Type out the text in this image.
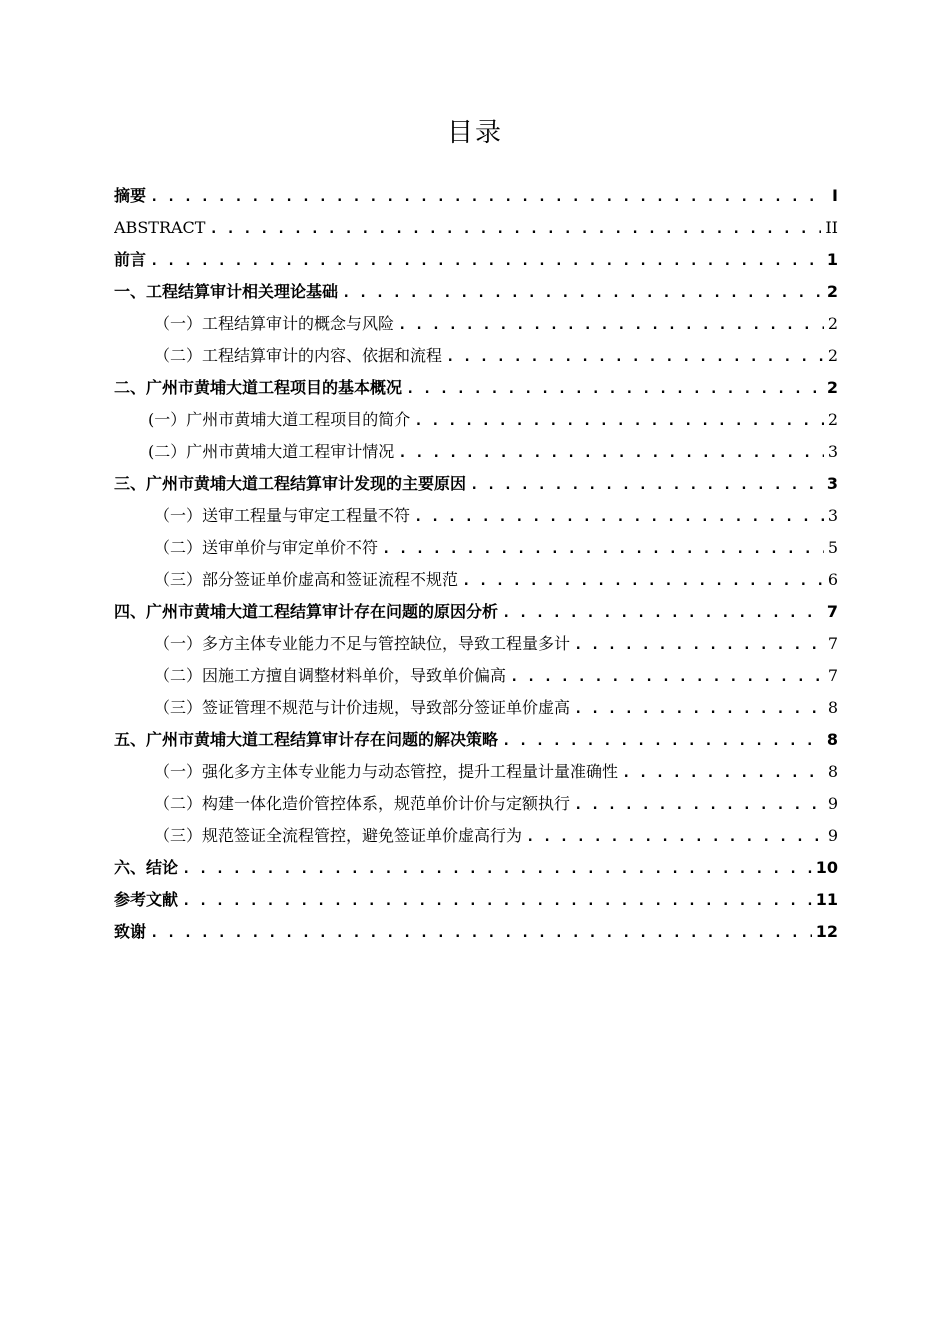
目录
摘要 . . .	I
ABSTRACT . . .	II
前言 . . .	1
一、工程结算审计相关理论基础 . . .	2
（一）工程结算审计的概念与风险 . . .	2
（二）工程结算审计的内容、依据和流程 . . .	2
二、广州市黄埔大道工程项目的基本概况 . . .	2
(一）广州市黄埔大道工程项目的简介 . . .	2
(二）广州市黄埔大道工程审计情况 . . .	3
三、广州市黄埔大道工程结算审计发现的主要原因 . . .	3
（一）送审工程量与审定工程量不符 . . .	3
（二）送审单价与审定单价不符 . . .	5
（三）部分签证单价虚高和签证流程不规范 . . .	6
四、广州市黄埔大道工程结算审计存在问题的原因分析 . . .	7
（一）多方主体专业能力不足与管控缺位，导致工程量多计 . . .	7
（二）因施工方擅自调整材料单价，导致单价偏高 . . .	7
（三）签证管理不规范与计价违规，导致部分签证单价虚高 . . .	8
五、广州市黄埔大道工程结算审计存在问题的解决策略 . . .	8
（一）强化多方主体专业能力与动态管控，提升工程量计量准确性 . . .	8
（二）构建一体化造价管控体系，规范单价计价与定额执行 . . .	9
（三）规范签证全流程管控，避免签证单价虚高行为 . . .	9
六、结论 . . .	10
参考文献 . . .	11
致谢 . . .	12
